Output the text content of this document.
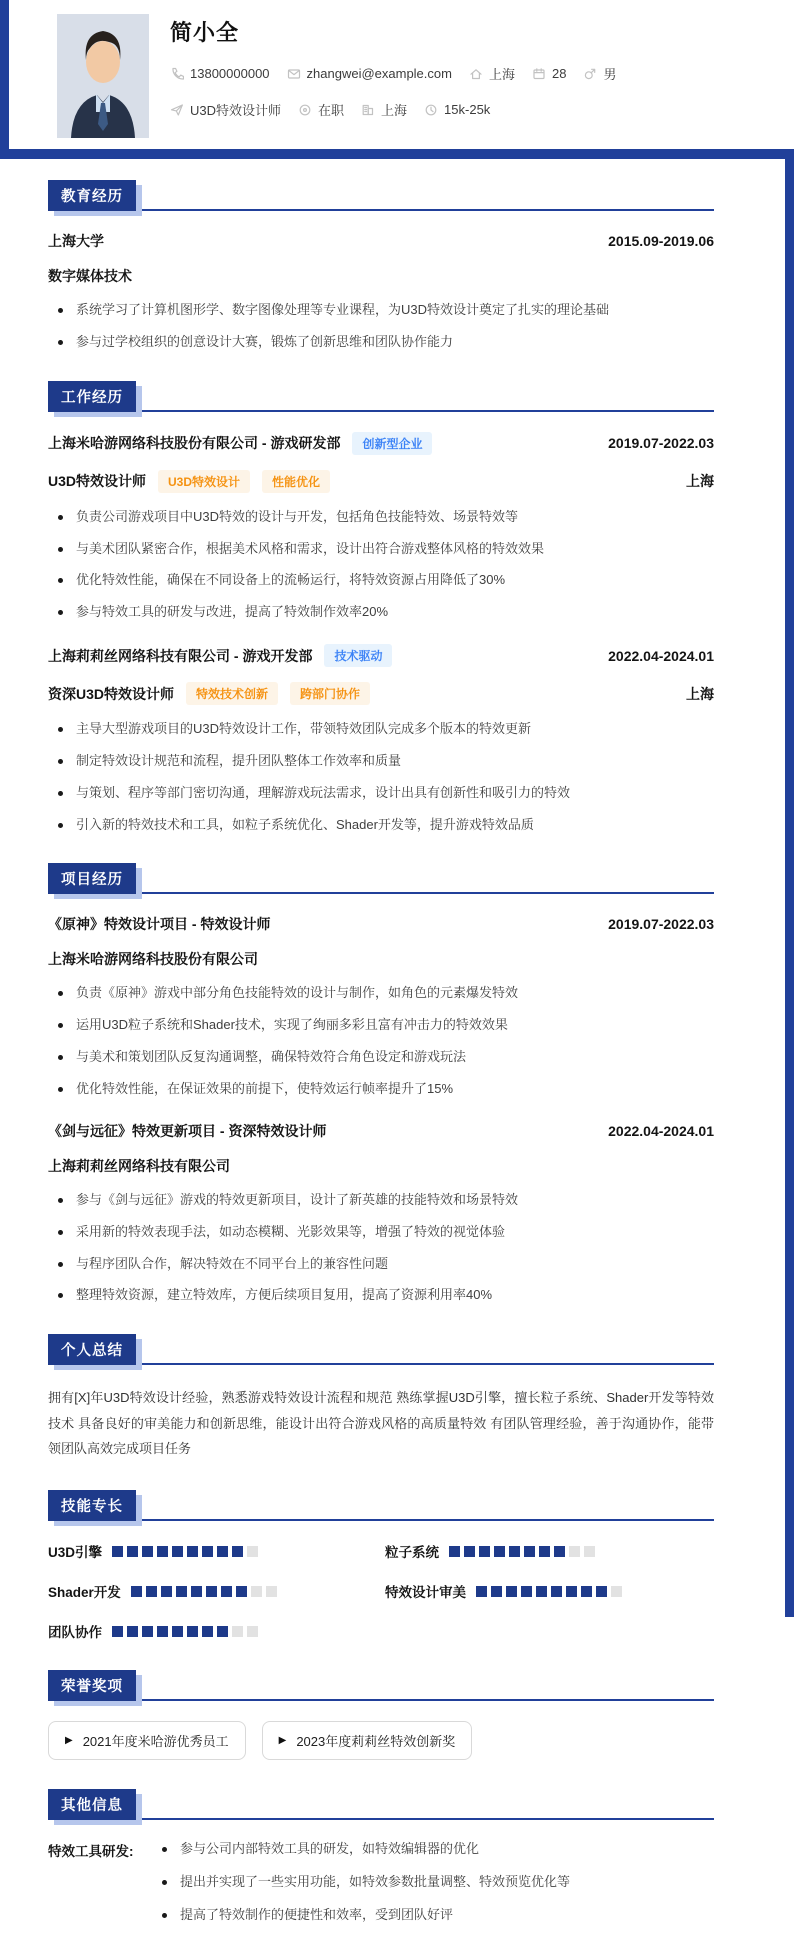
简小全
13800000000	zhangwei@example.com	上海	28	男
U3D特效设计师	在职	上海	15k-25k
教育经历
上海大学	2015.09-2019.06
数字媒体技术
系统学习了计算机图形学、数字图像处理等专业课程，为U3D特效设计奠定了扎实的理论基础
参与过学校组织的创意设计大赛，锻炼了创新思维和团队协作能力
工作经历
上海米哈游网络科技股份有限公司 - 游戏研发部	创新型企业	2019.07-2022.03
U3D特效设计师	U3D特效设计	性能优化	上海
负责公司游戏项目中U3D特效的设计与开发，包括角色技能特效、场景特效等
与美术团队紧密合作，根据美术风格和需求，设计出符合游戏整体风格的特效效果
优化特效性能，确保在不同设备上的流畅运行，将特效资源占用降低了30%
参与特效工具的研发与改进，提高了特效制作效率20%
上海莉莉丝网络科技有限公司 - 游戏开发部	技术驱动	2022.04-2024.01
资深U3D特效设计师	特效技术创新	跨部门协作	上海
主导大型游戏项目的U3D特效设计工作，带领特效团队完成多个版本的特效更新
制定特效设计规范和流程，提升团队整体工作效率和质量
与策划、程序等部门密切沟通，理解游戏玩法需求，设计出具有创新性和吸引力的特效
引入新的特效技术和工具，如粒子系统优化、Shader开发等，提升游戏特效品质
项目经历
《原神》特效设计项目 - 特效设计师	2019.07-2022.03
上海米哈游网络科技股份有限公司
负责《原神》游戏中部分角色技能特效的设计与制作，如角色的元素爆发特效
运用U3D粒子系统和Shader技术，实现了绚丽多彩且富有冲击力的特效效果
与美术和策划团队反复沟通调整，确保特效符合角色设定和游戏玩法
优化特效性能，在保证效果的前提下，使特效运行帧率提升了15%
《剑与远征》特效更新项目 - 资深特效设计师	2022.04-2024.01
上海莉莉丝网络科技有限公司
参与《剑与远征》游戏的特效更新项目，设计了新英雄的技能特效和场景特效
采用新的特效表现手法，如动态模糊、光影效果等，增强了特效的视觉体验
与程序团队合作，解决特效在不同平台上的兼容性问题
整理特效资源，建立特效库，方便后续项目复用，提高了资源利用率40%
个人总结

拥有[X]年U3D特效设计经验，熟悉游戏特效设计流程和规范 熟练掌握U3D引擎，擅长粒子系统、Shader开发等特效技术 具备良好的审美能力和创新思维，能设计出符合游戏风格的高质量特效 有团队管理经验，善于沟通协作，能带领团队高效完成项目任务

技能专长
U3D引擎	粒子系统
Shader开发	特效设计审美
团队协作
荣誉奖项
▶ 2021年度米哈游优秀员工	▶ 2023年度莉莉丝特效创新奖
其他信息
特效工具研发:	参与公司内部特效工具的研发，如特效编辑器的优化
提出并实现了一些实用功能，如特效参数批量调整、特效预览优化等
提高了特效制作的便捷性和效率，受到团队好评
